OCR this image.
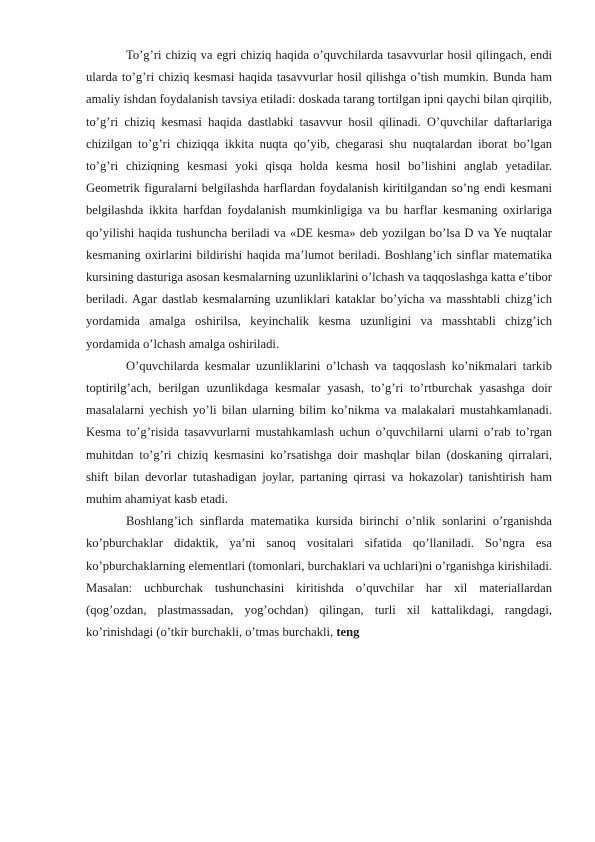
To’g’ri chiziq va egri chiziq haqida o’quvchilarda tasavvurlar hosil qilingach, endi ularda to’g’ri chiziq kesmasi haqida tasavvurlar hosil qilishga o’tish mumkin. Bunda ham amaliy ishdan foydalanish tavsiya etiladi: doskada tarang tortilgan ipni qaychi bilan qirqilib, to’g’ri chiziq kesmasi haqida dastlabki tasavvur hosil qilinadi. O’quvchilar daftarlariga chizilgan to’g’ri chiziqqa ikkita nuqta qo’yib, chegarasi shu nuqtalardan iborat bo’lgan to’g’ri chiziqning kesmasi yoki qisqa holda kesma hosil bo’lishini anglab yetadilar. Geometrik figuralarni belgilashda harflardan foydalanish kiritilgandan so’ng endi kesmani belgilashda ikkita harfdan foydalanish mumkinligiga va bu harflar kesmaning oxirlariga qo’yilishi haqida tushuncha beriladi va «DE kesma» deb yozilgan bo’lsa D va Ye nuqtalar kesmaning oxirlarini bildirishi haqida ma’lumot beriladi. Boshlang’ich sinflar matematika kursining dasturiga asosan kesmalarning uzunliklarini o’lchash va taqqoslashga katta e’tibor beriladi. Agar dastlab kesmalarning uzunliklari kataklar bo’yicha va masshtabli chizg’ich yordamida amalga oshirilsa, keyinchalik kesma uzunligini va masshtabli chizg’ich yordamida o’lchash amalga oshiriladi.

O’quvchilarda kesmalar uzunliklarini o’lchash va taqqoslash ko’nikmalari tarkib toptirilg’ach, berilgan uzunlikdaga kesmalar yasash, to’g’ri to’rtburchak yasashga doir masalalarni yechish yo’li bilan ularning bilim ko’nikma va malakalari mustahkamlanadi. Kesma to’g’risida tasavvurlarni mustahkamlash uchun o’quvchilarni ularni o’rab to’rgan muhitdan to’g’ri chiziq kesmasini ko’rsatishga doir mashqlar bilan (doskaning qirralari, shift bilan devorlar tutashadigan joylar, partaning qirrasi va hokazolar) tanishtirish ham muhim ahamiyat kasb etadi.

Boshlang’ich sinflarda matematika kursida birinchi o’nlik sonlarini o’rganishda ko’pburchaklar didaktik, ya’ni sanoq vositalari sifatida qo’llaniladi. So’ngra esa ko’pburchaklarning elementlari (tomonlari, burchaklari va uchlari)ni o’rganishga kirishiladi. Masalan: uchburchak tushunchasini kiritishda o’quvchilar har xil materiallardan (qog’ozdan, plastmassadan, yog’ochdan) qilingan, turli xil kattalikdagi, rangdagi, ko’rinishdagi (o’tkir burchakli, o’tmas burchakli, teng
